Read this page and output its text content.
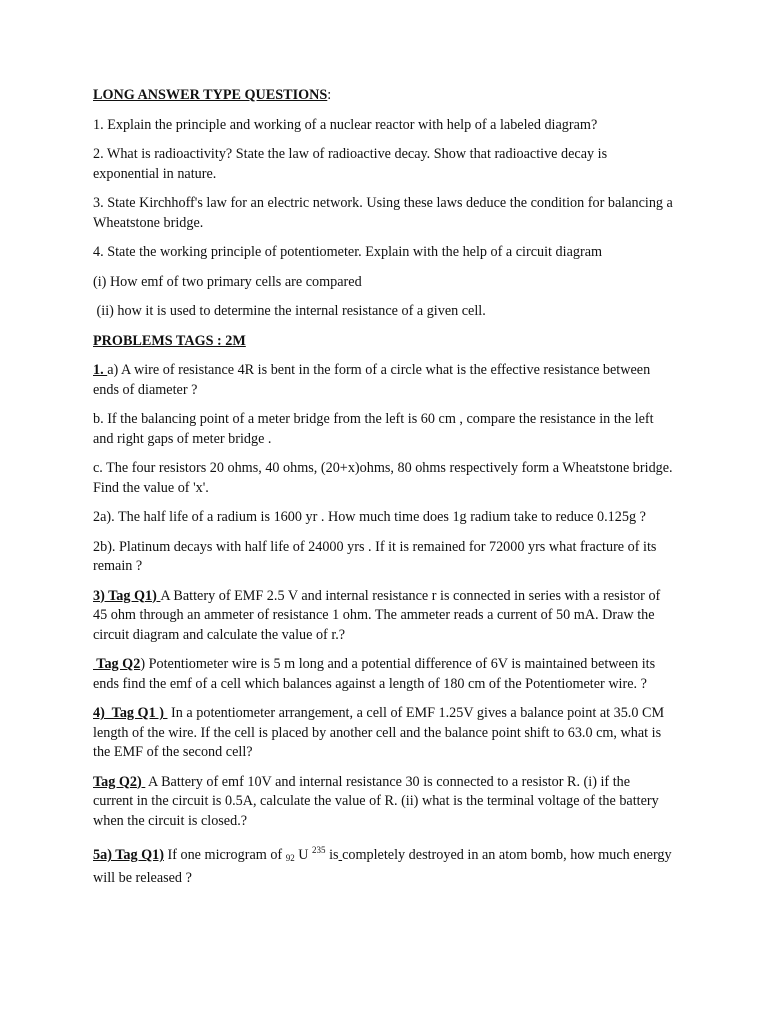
LONG ANSWER TYPE QUESTIONS:

1. Explain the principle and working of a nuclear reactor with help of a labeled diagram?

2. What is radioactivity? State the law of radioactive decay. Show that radioactive decay is exponential in nature.

3. State Kirchhoff's law for an electric network. Using these laws deduce the condition for balancing a Wheatstone bridge.

4. State the working principle of potentiometer. Explain with the help of a circuit diagram

(i) How emf of two primary cells are compared

(ii) how it is used to determine the internal resistance of a given cell.

PROBLEMS TAGS : 2M

1. a) A wire of resistance 4R is bent in the form of a circle what is the effective resistance between ends of diameter ?

b. If the balancing point of a meter bridge from the left is 60 cm , compare the resistance in the left and right gaps of meter bridge .

c. The four resistors 20 ohms, 40 ohms, (20+x)ohms, 80 ohms respectively form a Wheatstone bridge. Find the value of 'x'.

2a). The half life of a radium is 1600 yr . How much time does 1g radium take to reduce 0.125g ?

2b). Platinum decays with half life of 24000 yrs . If it is remained for 72000 yrs what fracture of its remain ?

3) Tag Q1) A Battery of EMF 2.5 V and internal resistance r is connected in series with a resistor of 45 ohm through an ammeter of resistance 1 ohm. The ammeter reads a current of 50 mA. Draw the circuit diagram and calculate the value of r.?

Tag Q2) Potentiometer wire is 5 m long and a potential difference of 6V is maintained between its ends find the emf of a cell which balances against a length of 180 cm of the Potentiometer wire. ?

4)  Tag Q1 )  In a potentiometer arrangement, a cell of EMF 1.25V gives a balance point at 35.0 CM length of the wire. If the cell is placed by another cell and the balance point shift to 63.0 cm, what is the EMF of the second cell?

Tag Q2)  A Battery of emf 10V and internal resistance 30 is connected to a resistor R. (i) if the current in the circuit is 0.5A, calculate the value of R. (ii) what is the terminal voltage of the battery when the circuit is closed.?

5a) Tag Q1) If one microgram of $_{92}$ U $^{235}$ is completely destroyed in an atom bomb, how much energy will be released ?
